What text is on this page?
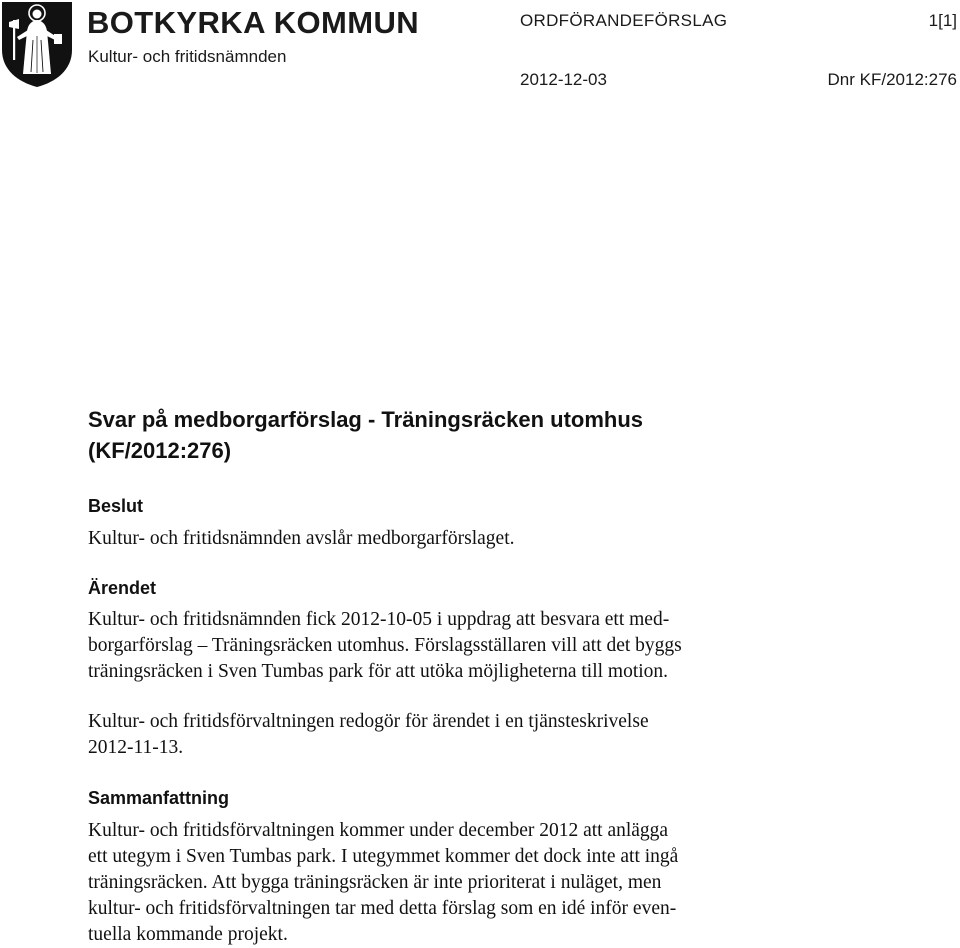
BOTKYRKA KOMMUN
Kultur- och fritidsnämnden
ORDFÖRANDEFÖRSLAG	1[1]
2012-12-03	Dnr KF/2012:276
Svar på medborgarförslag - Träningsräcken utomhus
(KF/2012:276)
Beslut
Kultur- och fritidsnämnden avslår medborgarförslaget.
Ärendet
Kultur- och fritidsnämnden fick 2012-10-05 i uppdrag att besvara ett med-
borgarförslag – Träningsräcken utomhus. Förslagsställaren vill att det byggs
träningsräcken i Sven Tumbas park för att utöka möjligheterna till motion.
Kultur- och fritidsförvaltningen redogör för ärendet i en tjänsteskrivelse
2012-11-13.
Sammanfattning
Kultur- och fritidsförvaltningen kommer under december 2012 att anlägga
ett utegym i Sven Tumbas park. I utegymmet kommer det dock inte att ingå
träningsräcken. Att bygga träningsräcken är inte prioriterat i nuläget, men
kultur- och fritidsförvaltningen tar med detta förslag som en idé inför even-
tuella kommande projekt.
